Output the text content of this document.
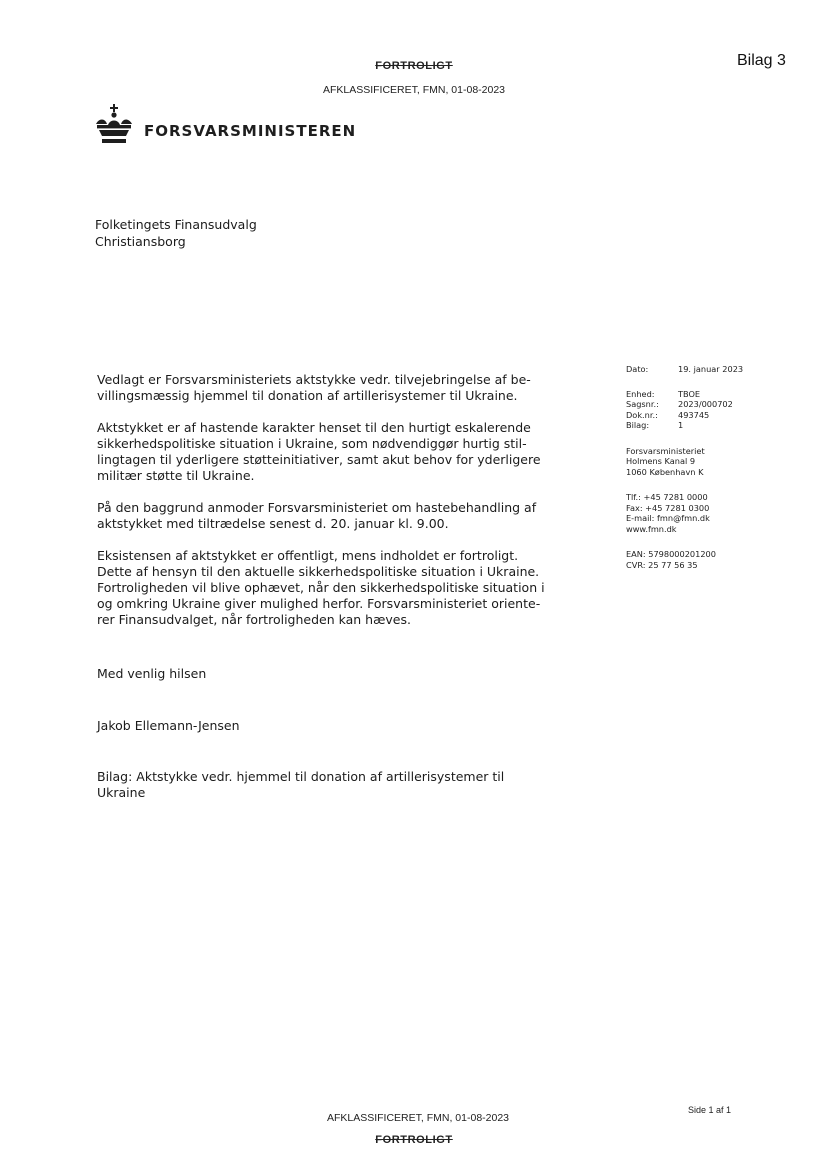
FORTROLIGT
AFKLASSIFICERET, FMN, 01-08-2023
Bilag 3
FORSVARSMINISTEREN
Folketingets Finansudvalg
Christiansborg

Vedlagt er Forsvarsministeriets aktstykke vedr. tilvejebringelse af be-
villingsmæssig hjemmel til donation af artillerisystemer til Ukraine.

Aktstykket er af hastende karakter henset til den hurtigt eskalerende
sikkerhedspolitiske situation i Ukraine, som nødvendiggør hurtig stil-
lingtagen til yderligere støtteinitiativer, samt akut behov for yderligere
militær støtte til Ukraine.

På den baggrund anmoder Forsvarsministeriet om hastebehandling af
aktstykket med tiltrædelse senest d. 20. januar kl. 9.00.

Eksistensen af aktstykket er offentligt, mens indholdet er fortroligt.
Dette af hensyn til den aktuelle sikkerhedspolitiske situation i Ukraine.
Fortroligheden vil blive ophævet, når den sikkerhedspolitiske situation i
og omkring Ukraine giver mulighed herfor. Forsvarsministeriet oriente-
rer Finansudvalget, når fortroligheden kan hæves.

Med venlig hilsen
Jakob Ellemann-Jensen
Bilag: Aktstykke vedr. hjemmel til donation af artillerisystemer til
Ukraine
Dato:	19. januar 2023
Enhed:	TBOE
Sagsnr.:	2023/000702
Dok.nr.:	493745
Bilag:	1
Forsvarsministeriet
Holmens Kanal 9
1060 København K
Tlf.: +45 7281 0000
Fax: +45 7281 0300
E-mail: fmn@fmn.dk
www.fmn.dk
EAN: 5798000201200
CVR: 25 77 56 35
Side 1 af 1
AFKLASSIFICERET, FMN, 01-08-2023
FORTROLIGT
